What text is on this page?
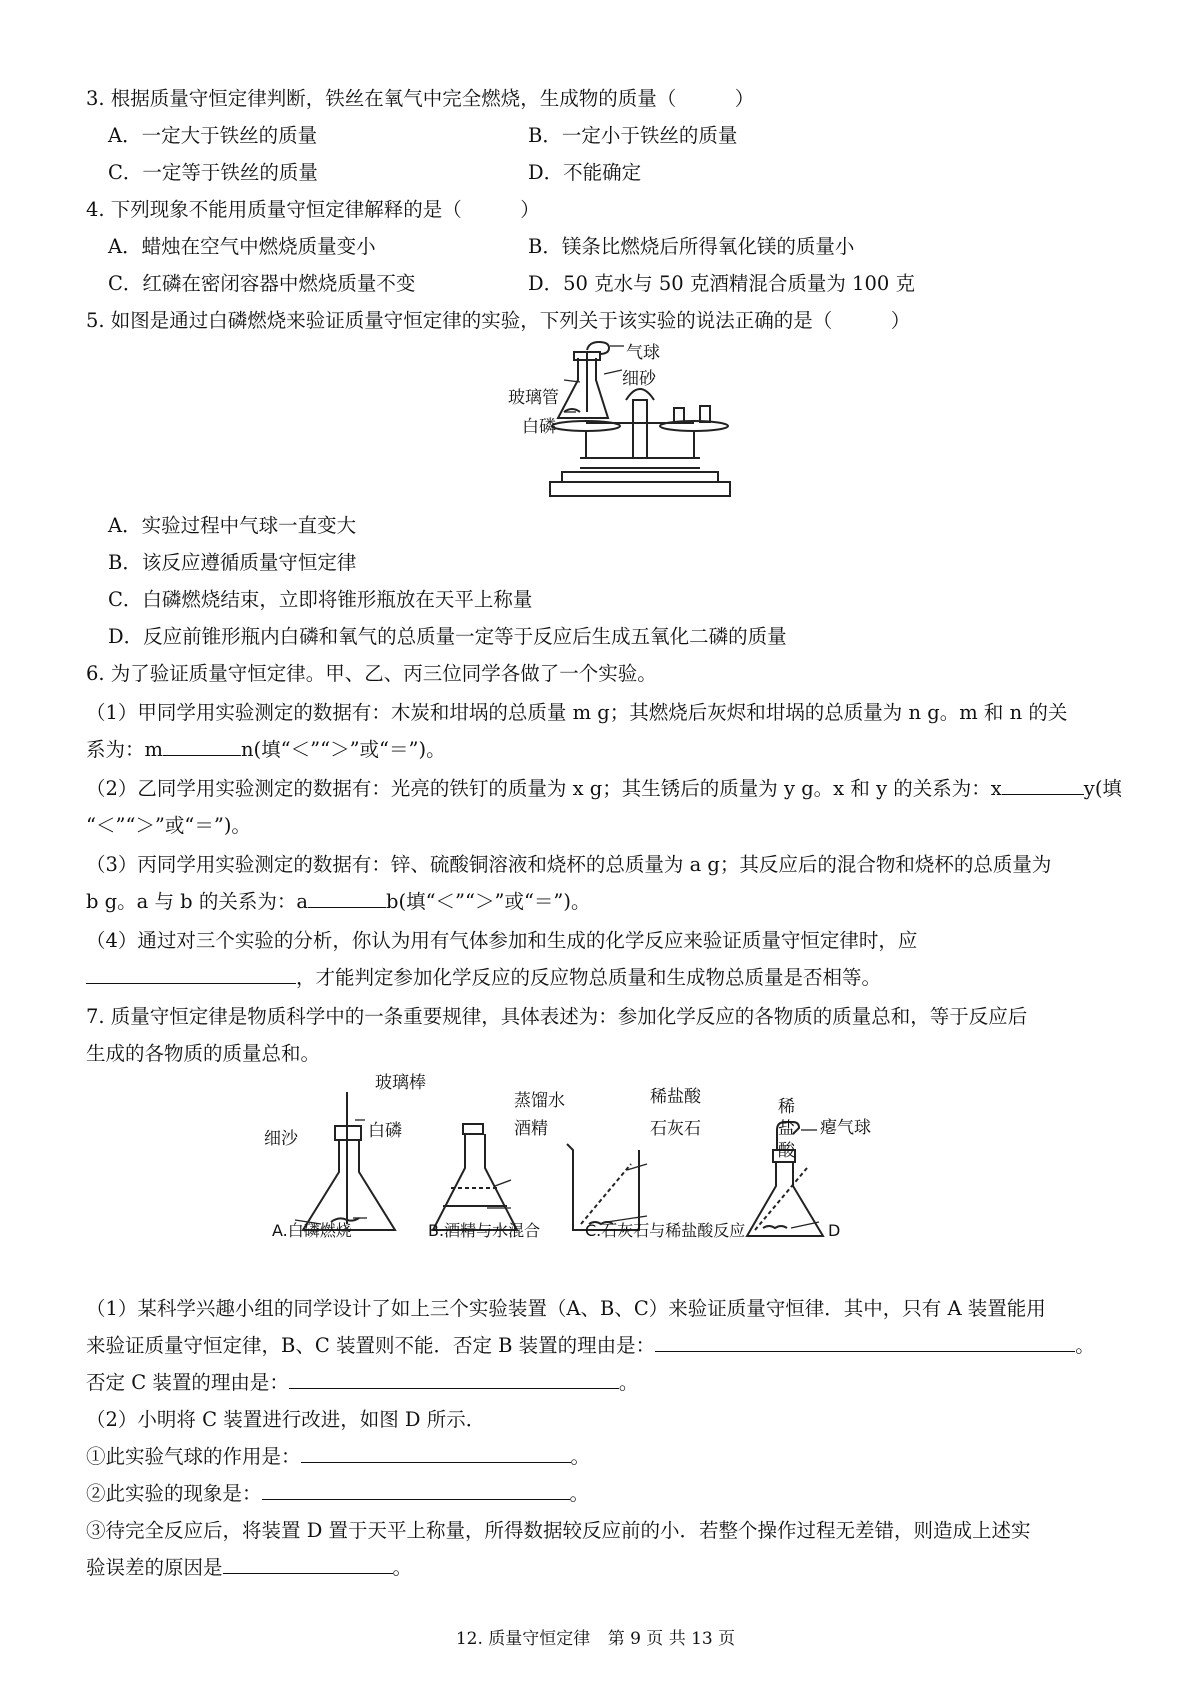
3. 根据质量守恒定律判断，铁丝在氧气中完全燃烧，生成物的质量（　　　）
A．一定大于铁丝的质量	B．一定小于铁丝的质量
C．一定等于铁丝的质量	D．不能确定
4. 下列现象不能用质量守恒定律解释的是（　　　）
A．蜡烛在空气中燃烧质量变小	B．镁条比燃烧后所得氧化镁的质量小
C．红磷在密闭容器中燃烧质量不变	D．50 克水与 50 克酒精混合质量为 100 克
5. 如图是通过白磷燃烧来验证质量守恒定律的实验，下列关于该实验的说法正确的是（　　　）
气球
细砂
玻璃管
白磷
A．实验过程中气球一直变大
B．该反应遵循质量守恒定律
C．白磷燃烧结束，立即将锥形瓶放在天平上称量
D．反应前锥形瓶内白磷和氧气的总质量一定等于反应后生成五氧化二磷的质量
6. 为了验证质量守恒定律。甲、乙、丙三位同学各做了一个实验。
（1）甲同学用实验测定的数据有：木炭和坩埚的总质量 m g；其燃烧后灰烬和坩埚的总质量为 n g。m 和 n 的关
系为：m	n(填“＜”“＞”或“＝”)。
（2）乙同学用实验测定的数据有：光亮的铁钉的质量为 x g；其生锈后的质量为 y g。x 和 y 的关系为：x	y(填
“＜”“＞”或“＝”)。
（3）丙同学用实验测定的数据有：锌、硫酸铜溶液和烧杯的总质量为 a g；其反应后的混合物和烧杯的总质量为
b g。a 与 b 的关系为：a	b(填“＜”“＞”或“＝”)。
（4）通过对三个实验的分析，你认为用有气体参加和生成的化学反应来验证质量守恒定律时，应
，才能判定参加化学反应的反应物总质量和生成物总质量是否相等。
7. 质量守恒定律是物质科学中的一条重要规律，具体表述为：参加化学反应的各物质的质量总和，等于反应后
生成的各物质的质量总和。
玻璃棒
白磷
细沙
蒸馏水
酒精
稀盐酸
石灰石	瘪气球
稀
盐
酸
A.白磷燃烧	B.酒精与水混合	C.石灰石与稀盐酸反应	D
（1）某科学兴趣小组的同学设计了如上三个实验装置（A、B、C）来验证质量守恒律．其中，只有 A 装置能用
来验证质量守恒定律，B、C 装置则不能．否定 B 装置的理由是：	。
否定 C 装置的理由是：	。
（2）小明将 C 装置进行改进，如图 D 所示．
①此实验气球的作用是：	。
②此实验的现象是：	。
③待完全反应后，将装置 D 置于天平上称量，所得数据较反应前的小．若整个操作过程无差错，则造成上述实
验误差的原因是	。
12. 质量守恒定律 第 9 页 共 13 页
